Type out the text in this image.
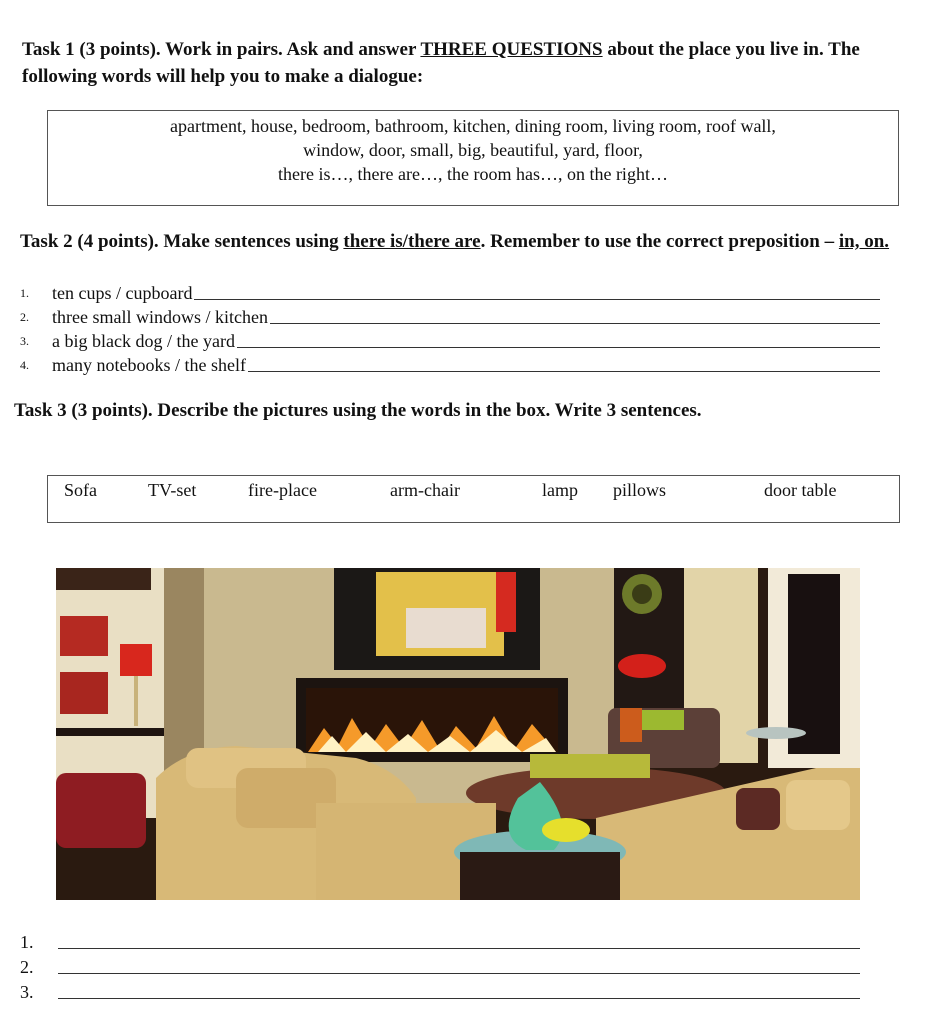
Task 1 (3 points). Work in pairs. Ask and answer THREE QUESTIONS about the place you live in. The following words will help you to make a dialogue:
apartment, house, bedroom, bathroom, kitchen, dining room, living room, roof wall,
window, door, small, big, beautiful, yard, floor,
there is…, there are…, the room has…, on the right…
Task 2 (4 points). Make sentences using there is/there are. Remember to use the correct preposition – in, on.
1.	ten cups / cupboard
2.	three small windows / kitchen
3.	a big black dog / the yard
4.	many notebooks / the shelf
Task 3 (3 points). Describe the pictures using the words in the box. Write 3 sentences.
Sofa	TV-set	fire-place	arm-chair	lamp pillows	door table
1.
2.
3.
